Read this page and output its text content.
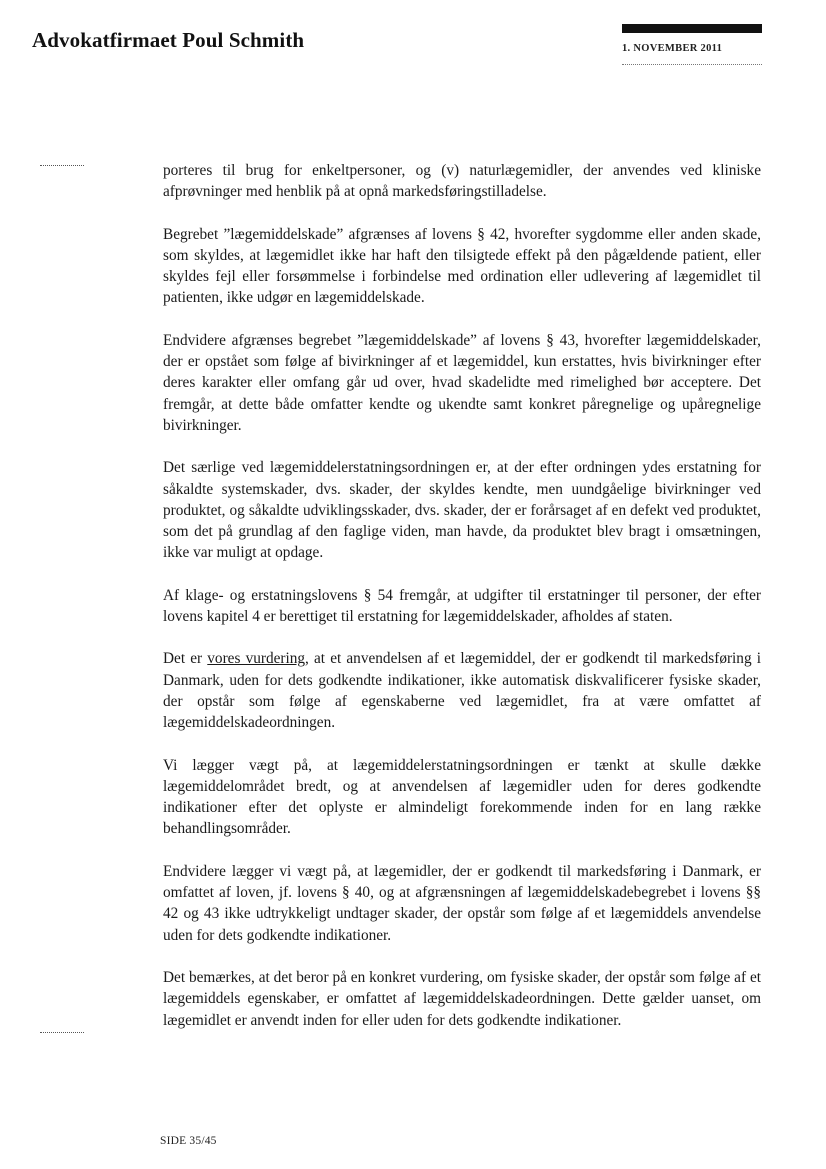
Advokatfirmaet Poul Schmith	1. NOVEMBER 2011

porteres til brug for enkeltpersoner, og (v) naturlægemidler, der anvendes ved kliniske afprøvninger med henblik på at opnå markedsføringstilladelse.

Begrebet ”lægemiddelskade” afgrænses af lovens § 42, hvorefter sygdomme eller anden skade, som skyldes, at lægemidlet ikke har haft den tilsigtede effekt på den pågældende patient, eller skyldes fejl eller forsømmelse i forbindelse med ordination eller udlevering af lægemidlet til patienten, ikke udgør en lægemiddelskade.

Endvidere afgrænses begrebet ”lægemiddelskade” af lovens § 43, hvorefter lægemiddelskader, der er opstået som følge af bivirkninger af et lægemiddel, kun erstattes, hvis bivirkninger efter deres karakter eller omfang går ud over, hvad skadelidte med rimelighed bør acceptere. Det fremgår, at dette både omfatter kendte og ukendte samt konkret påregnelige og upåregnelige bivirkninger.

Det særlige ved lægemiddelerstatningsordningen er, at der efter ordningen ydes erstatning for såkaldte systemskader, dvs. skader, der skyldes kendte, men uundgåelige bivirkninger ved produktet, og såkaldte udviklingsskader, dvs. skader, der er forårsaget af en defekt ved produktet, som det på grundlag af den faglige viden, man havde, da produktet blev bragt i omsætningen, ikke var muligt at opdage.

Af klage- og erstatningslovens § 54 fremgår, at udgifter til erstatninger til personer, der efter lovens kapitel 4 er berettiget til erstatning for lægemiddelskader, afholdes af staten.

Det er vores vurdering, at et anvendelsen af et lægemiddel, der er godkendt til markedsføring i Danmark, uden for dets godkendte indikationer, ikke automatisk diskvalificerer fysiske skader, der opstår som følge af egenskaberne ved lægemidlet, fra at være omfattet af lægemiddelskadeordningen.

Vi lægger vægt på, at lægemiddelerstatningsordningen er tænkt at skulle dække lægemiddelområdet bredt, og at anvendelsen af lægemidler uden for deres godkendte indikationer efter det oplyste er almindeligt forekommende inden for en lang række behandlingsområder.

Endvidere lægger vi vægt på, at lægemidler, der er godkendt til markedsføring i Danmark, er omfattet af loven, jf. lovens § 40, og at afgrænsningen af lægemiddelskadebegrebet i lovens §§ 42 og 43 ikke udtrykkeligt undtager skader, der opstår som følge af et lægemiddels anvendelse uden for dets godkendte indikationer.

Det bemærkes, at det beror på en konkret vurdering, om fysiske skader, der opstår som følge af et lægemiddels egenskaber, er omfattet af lægemiddelskadeordningen. Dette gælder uanset, om lægemidlet er anvendt inden for eller uden for dets godkendte indikationer.

SIDE 35/45
